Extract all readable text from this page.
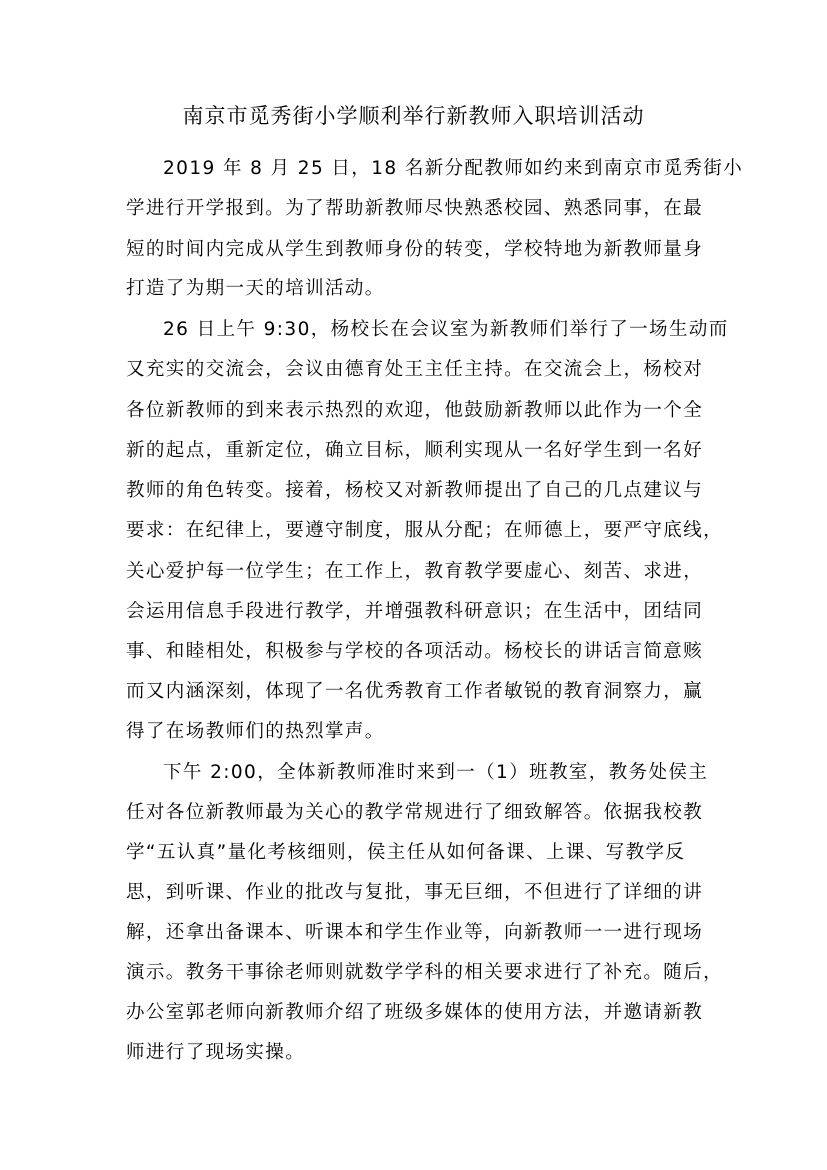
南京市觅秀街小学顺利举行新教师入职培训活动
2019 年 8 月 25 日，18 名新分配教师如约来到南京市觅秀街小
学进行开学报到。为了帮助新教师尽快熟悉校园、熟悉同事，在最
短的时间内完成从学生到教师身份的转变，学校特地为新教师量身
打造了为期一天的培训活动。
26 日上午 9:30，杨校长在会议室为新教师们举行了一场生动而
又充实的交流会，会议由德育处王主任主持。在交流会上，杨校对
各位新教师的到来表示热烈的欢迎，他鼓励新教师以此作为一个全
新的起点，重新定位，确立目标，顺利实现从一名好学生到一名好
教师的角色转变。接着，杨校又对新教师提出了自己的几点建议与
要求：在纪律上，要遵守制度，服从分配；在师德上，要严守底线，
关心爱护每一位学生；在工作上，教育教学要虚心、刻苦、求进，
会运用信息手段进行教学，并增强教科研意识；在生活中，团结同
事、和睦相处，积极参与学校的各项活动。杨校长的讲话言简意赅
而又内涵深刻，体现了一名优秀教育工作者敏锐的教育洞察力，赢
得了在场教师们的热烈掌声。
下午 2:00，全体新教师准时来到一（1）班教室，教务处侯主
任对各位新教师最为关心的教学常规进行了细致解答。依据我校教
学“五认真”量化考核细则，侯主任从如何备课、上课、写教学反
思，到听课、作业的批改与复批，事无巨细，不但进行了详细的讲
解，还拿出备课本、听课本和学生作业等，向新教师一一进行现场
演示。教务干事徐老师则就数学学科的相关要求进行了补充。随后，
办公室郭老师向新教师介绍了班级多媒体的使用方法，并邀请新教
师进行了现场实操。
